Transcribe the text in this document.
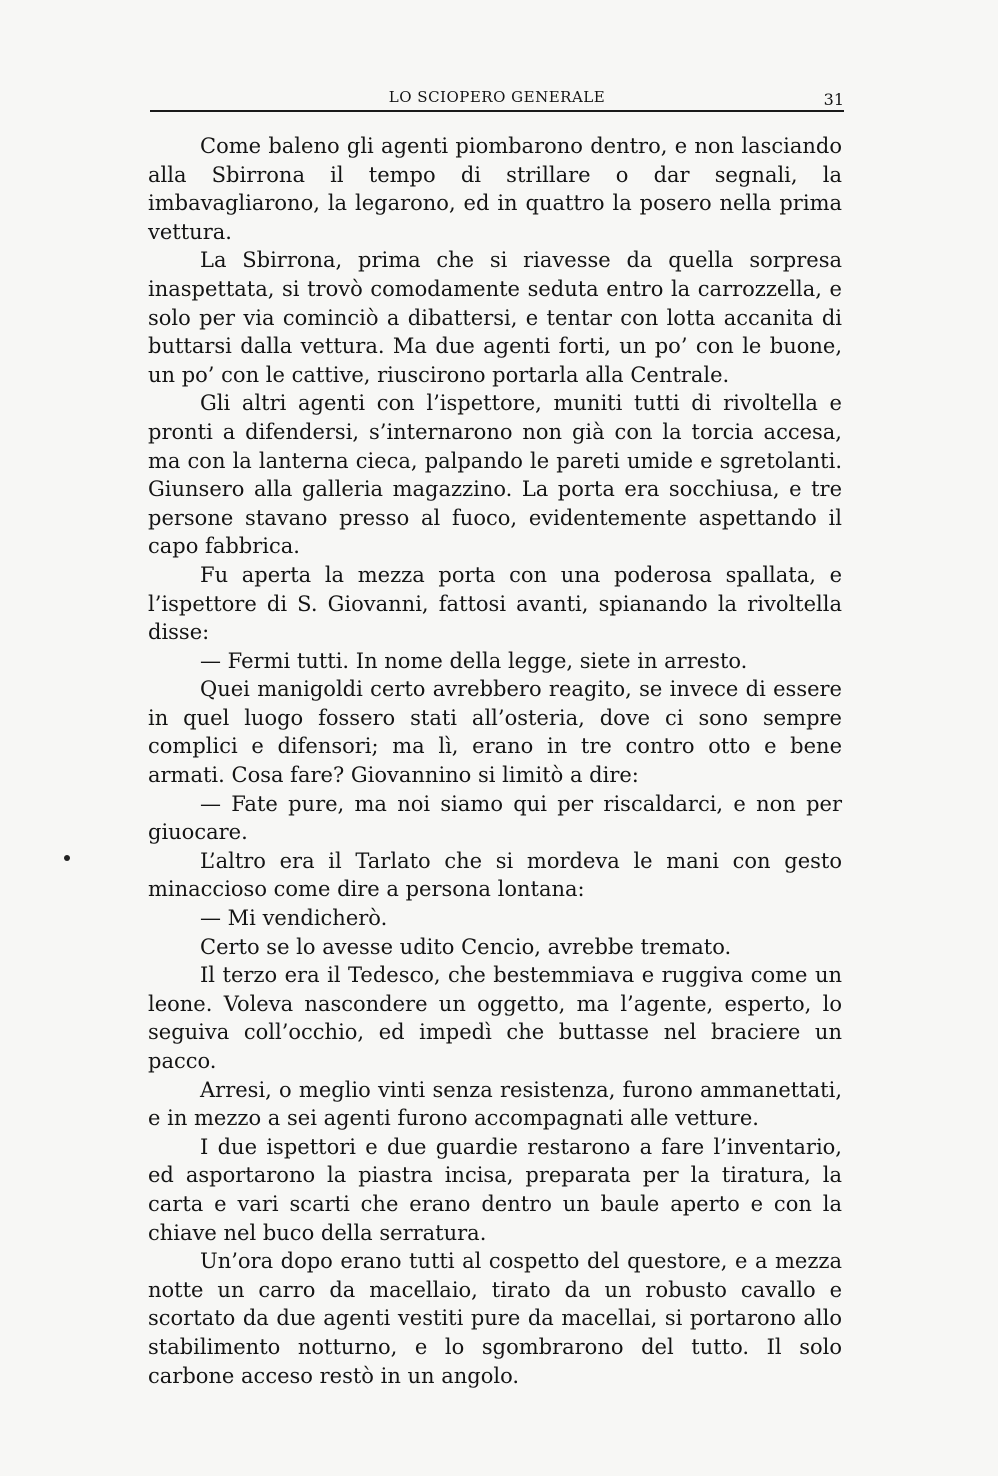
LO SCIOPERO GENERALE	31

Come baleno gli agenti piombarono dentro, e non lasciando alla Sbirrona il tempo di strillare o dar segnali, la imbavagliarono, la legarono, ed in quattro la posero nella prima vettura.

La Sbirrona, prima che si riavesse da quella sorpresa inaspettata, si trovò comodamente seduta entro la carrozzella, e solo per via cominciò a dibattersi, e tentar con lotta accanita di buttarsi dalla vettura. Ma due agenti forti, un po’ con le buone, un po’ con le cattive, riuscirono portarla alla Centrale.

Gli altri agenti con l’ispettore, muniti tutti di rivoltella e pronti a difendersi, s’internarono non già con la torcia accesa, ma con la lanterna cieca, palpando le pareti umide e sgretolanti. Giunsero alla galleria magazzino. La porta era socchiusa, e tre persone stavano presso al fuoco, evidentemente aspettando il capo fabbrica.

Fu aperta la mezza porta con una poderosa spallata, e l’ispettore di S. Giovanni, fattosi avanti, spianando la rivoltella disse:

— Fermi tutti. In nome della legge, siete in arresto.

Quei manigoldi certo avrebbero reagito, se invece di essere in quel luogo fossero stati all’osteria, dove ci sono sempre complici e difensori; ma lì, erano in tre contro otto e bene armati. Cosa fare? Giovannino si limitò a dire:

— Fate pure, ma noi siamo qui per riscaldarci, e non per giuocare.

L’altro era il Tarlato che si mordeva le mani con gesto minaccioso come dire a persona lontana:

— Mi vendicherò.

Certo se lo avesse udito Cencio, avrebbe tremato.

Il terzo era il Tedesco, che bestemmiava e ruggiva come un leone. Voleva nascondere un oggetto, ma l’agente, esperto, lo seguiva coll’occhio, ed impedì che buttasse nel braciere un pacco.

Arresi, o meglio vinti senza resistenza, furono ammanettati, e in mezzo a sei agenti furono accompagnati alle vetture.

I due ispettori e due guardie restarono a fare l’inventario, ed asportarono la piastra incisa, preparata per la tiratura, la carta e vari scarti che erano dentro un baule aperto e con la chiave nel buco della serratura.

Un’ora dopo erano tutti al cospetto del questore, e a mezza notte un carro da macellaio, tirato da un robusto cavallo e scortato da due agenti vestiti pure da macellai, si portarono allo stabilimento notturno, e lo sgombrarono del tutto. Il solo carbone acceso restò in un angolo.
